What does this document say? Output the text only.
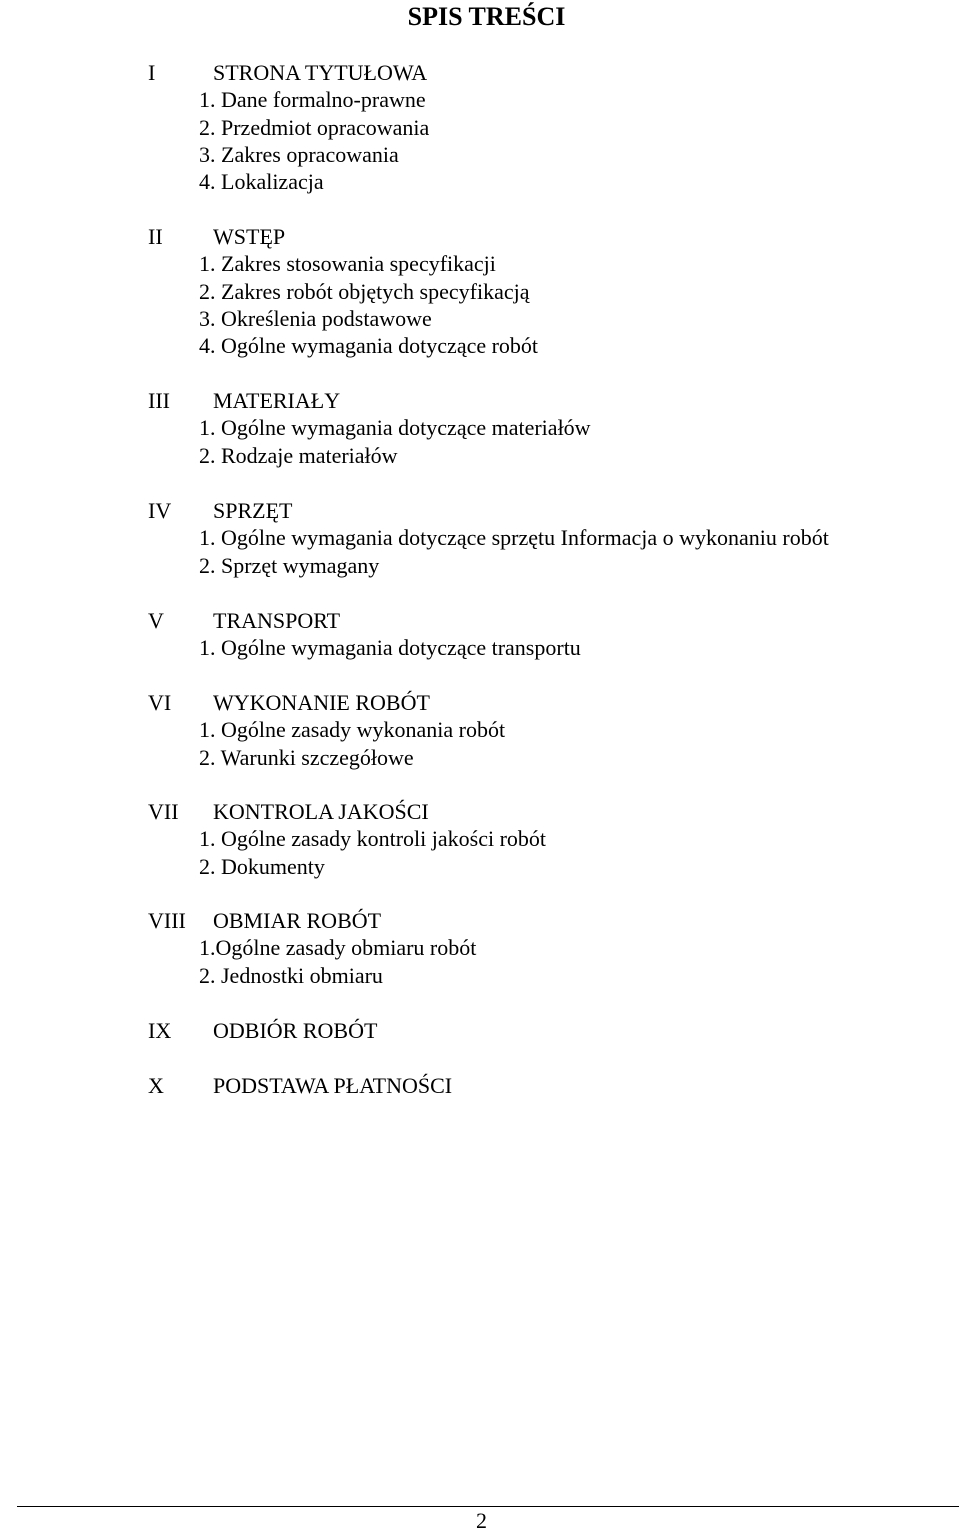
SPIS TREŚCI
I	STRONA TYTUŁOWA
1. Dane formalno-prawne
2. Przedmiot opracowania
3. Zakres opracowania
4. Lokalizacja
II WSTĘP
1. Zakres stosowania specyfikacji
2. Zakres robót objętych specyfikacją
3. Określenia podstawowe
4. Ogólne wymagania dotyczące robót
III MATERIAŁY
1. Ogólne wymagania dotyczące materiałów
2. Rodzaje materiałów
IV SPRZĘT
1. Ogólne wymagania dotyczące sprzętu Informacja o wykonaniu robót
2. Sprzęt wymagany
V TRANSPORT
1. Ogólne wymagania dotyczące transportu
VI WYKONANIE ROBÓT
1. Ogólne zasady wykonania robót
2. Warunki szczegółowe
VII KONTROLA JAKOŚCI
1. Ogólne zasady kontroli jakości robót
2. Dokumenty
VIII OBMIAR ROBÓT
1.Ogólne zasady obmiaru robót
2. Jednostki obmiaru
IX ODBIÓR ROBÓT
X PODSTAWA PŁATNOŚCI
2
